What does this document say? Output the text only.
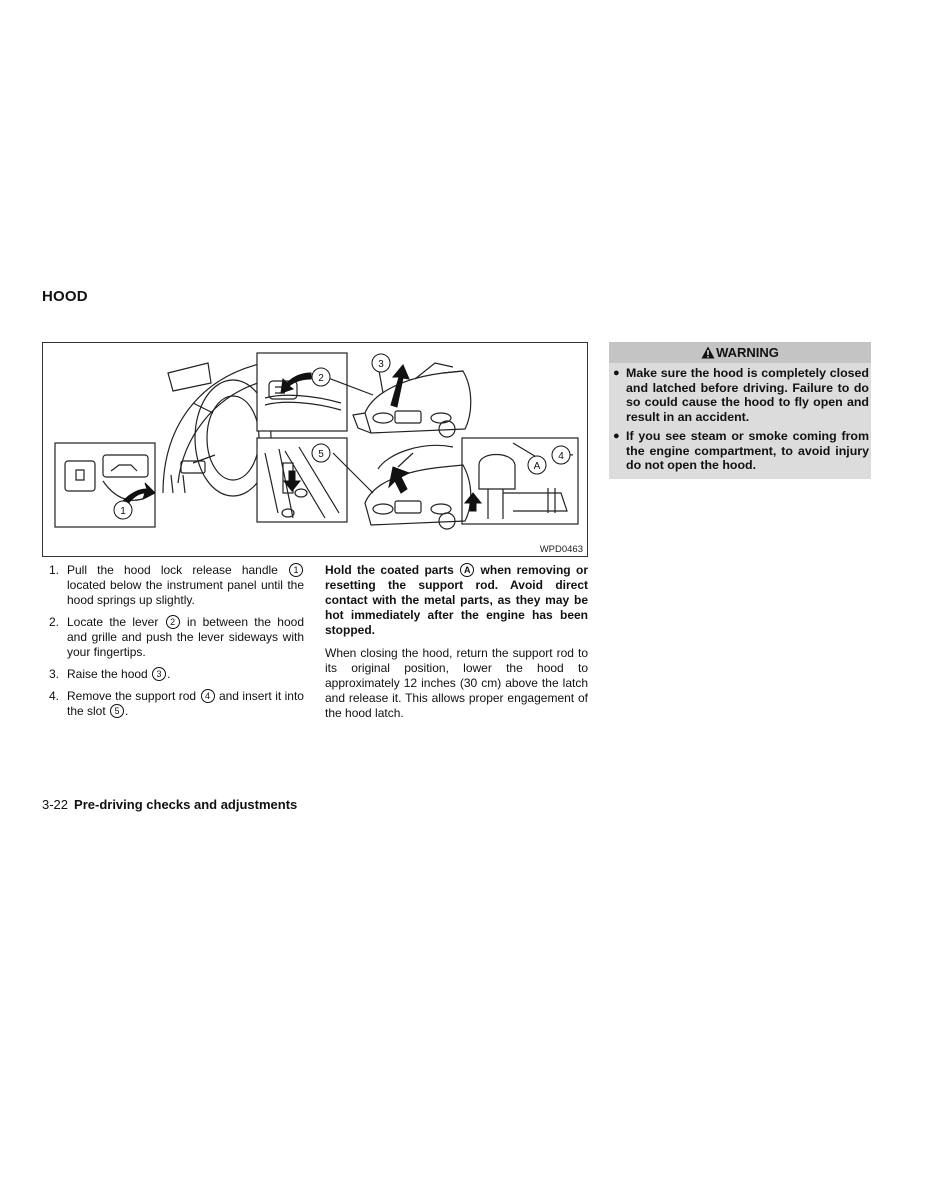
HOOD
1
2
3
4
5
A
WPD0463
1. Pull the hood lock release handle 1 located below the instrument panel until the hood springs up slightly.
2. Locate the lever 2 in between the hood and grille and push the lever sideways with your fingertips.
3. Raise the hood 3 .
4. Remove the support rod 4 and insert it into the slot 5 .

Hold the coated parts A when removing or resetting the support rod. Avoid direct contact with the metal parts, as they may be hot immediately after the engine has been stopped.

When closing the hood, return the support rod to its original position, lower the hood to approximately 12 inches (30 cm) above the latch and release it. This allows proper engagement of the hood latch.

WARNING
● Make sure the hood is completely closed and latched before driving. Failure to do so could cause the hood to fly open and result in an accident.
● If you see steam or smoke coming from the engine compartment, to avoid injury do not open the hood.
3-22 Pre-driving checks and adjustments
